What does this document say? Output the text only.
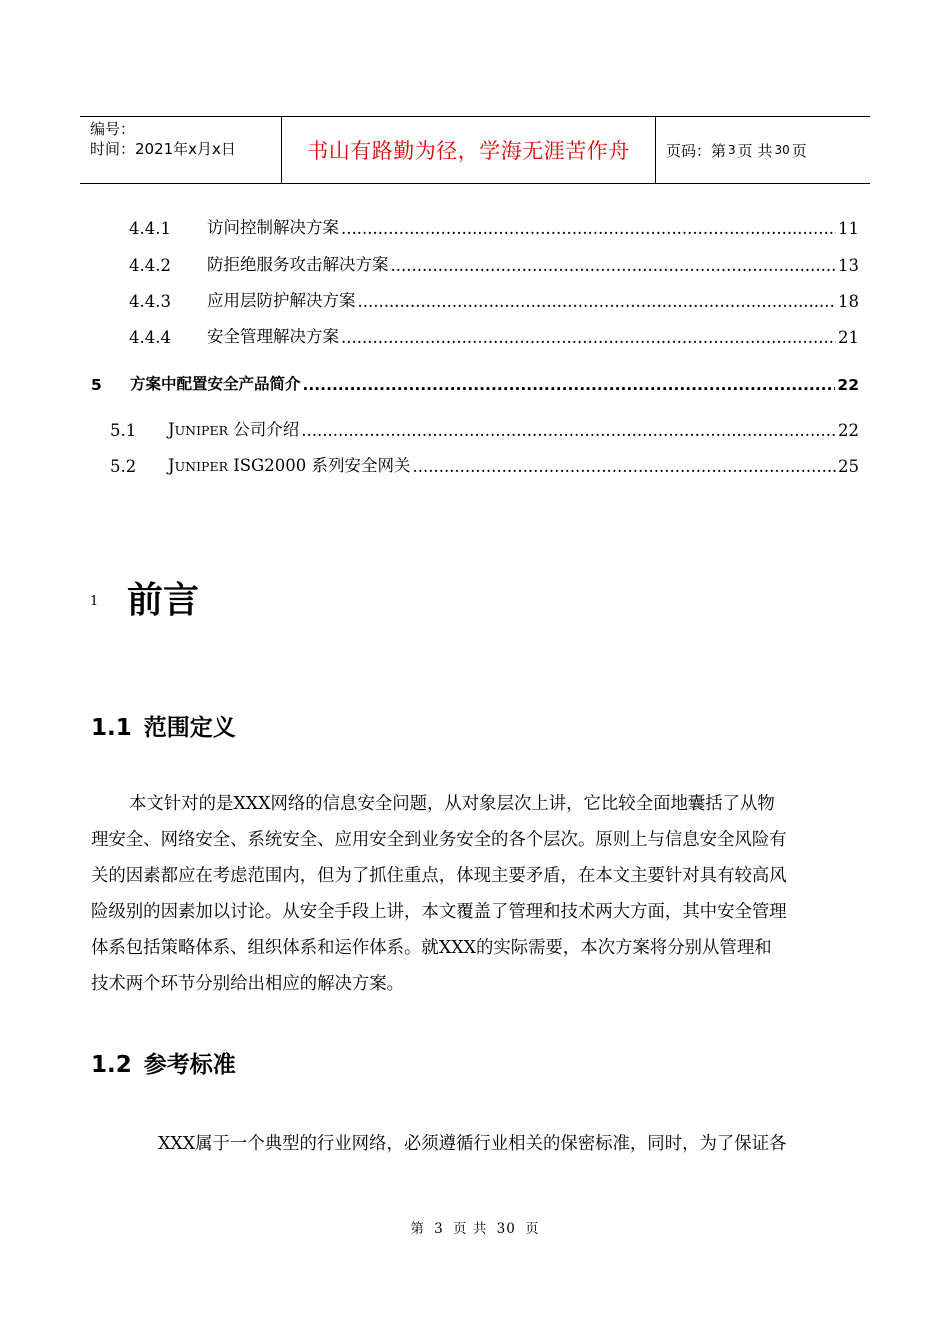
编号：
时间：2021年x月x日	书山有路勤为径，学海无涯苦作舟	页码：第 3 页 共 30 页
4.4.1 访问控制解决方案 .....	11
4.4.2 防拒绝服务攻击解决方案 .....	13
4.4.3 应用层防护解决方案 .....	18
4.4.4 安全管理解决方案 .....	21
5 方案中配置安全产品简介 .....	22
5.1 JUNIPER 公司介绍 .....	22
5.2 JUNIPER ISG2000 系列安全网关 .....	25
1 前言
1.1 范围定义
本文针对的是XXX网络的信息安全问题，从对象层次上讲，它比较全面地囊括了从物
理安全、网络安全、系统安全、应用安全到业务安全的各个层次。原则上与信息安全风险有
关的因素都应在考虑范围内，但为了抓住重点，体现主要矛盾，在本文主要针对具有较高风
险级别的因素加以讨论。从安全手段上讲，本文覆盖了管理和技术两大方面，其中安全管理
体系包括策略体系、组织体系和运作体系。就XXX的实际需要，本次方案将分别从管理和
技术两个环节分别给出相应的解决方案。
1.2 参考标准
XXX属于一个典型的行业网络，必须遵循行业相关的保密标准，同时，为了保证各
第 3 页 共 30 页
